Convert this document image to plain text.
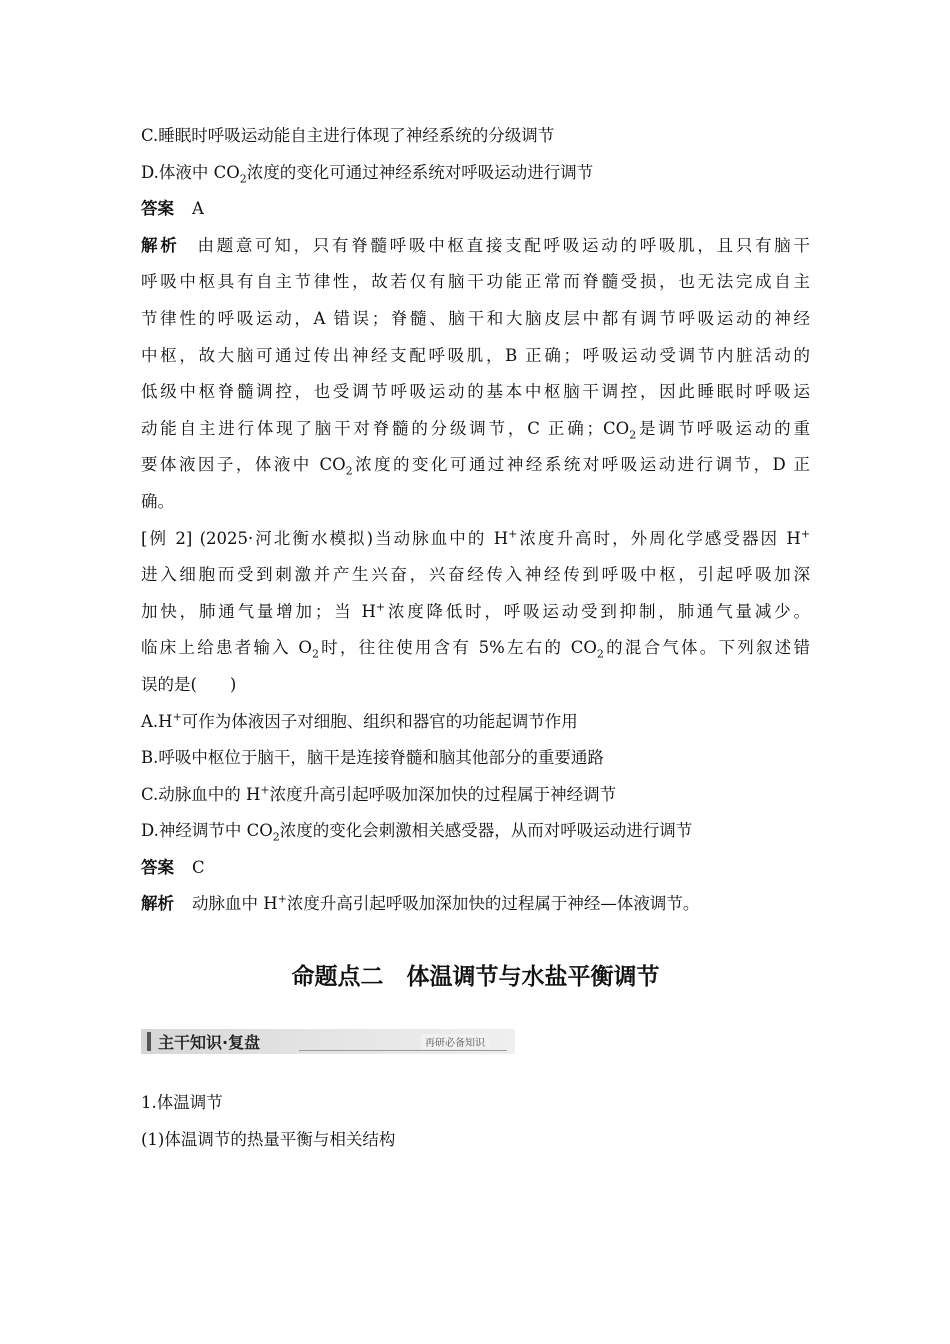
C.睡眠时呼吸运动能自主进行体现了神经系统的分级调节

D.体液中 $CO_2$浓度的变化可通过神经系统对呼吸运动进行调节

答案 A

解析 由题意可知，只有脊髓呼吸中枢直接支配呼吸运动的呼吸肌，且只有脑干

呼吸中枢具有自主节律性，故若仅有脑干功能正常而脊髓受损，也无法完成自主

节律性的呼吸运动，A 错误；脊髓、脑干和大脑皮层中都有调节呼吸运动的神经

中枢，故大脑可通过传出神经支配呼吸肌，B 正确；呼吸运动受调节内脏活动的

低级中枢脊髓调控，也受调节呼吸运动的基本中枢脑干调控，因此睡眠时呼吸运

动能自主进行体现了脑干对脊髓的分级调节，C 正确；$CO_2$是调节呼吸运动的重

要体液因子，体液中 $CO_2$浓度的变化可通过神经系统对呼吸运动进行调节，D 正

确。

[例 2] (2025·河北衡水模拟)当动脉血中的 H+浓度升高时，外周化学感受器因 H+

进入细胞而受到刺激并产生兴奋，兴奋经传入神经传到呼吸中枢，引起呼吸加深

加快，肺通气量增加；当 H+浓度降低时，呼吸运动受到抑制，肺通气量减少。

临床上给患者输入 $O_2$时，往往使用含有 5%左右的 $CO_2$的混合气体。下列叙述错

误的是(　　)

A.H+可作为体液因子对细胞、组织和器官的功能起调节作用

B.呼吸中枢位于脑干，脑干是连接脊髓和脑其他部分的重要通路

C.动脉血中的 H+浓度升高引起呼吸加深加快的过程属于神经调节

D.神经调节中 $CO_2$浓度的变化会刺激相关感受器，从而对呼吸运动进行调节

答案 C

解析 动脉血中 H+浓度升高引起呼吸加深加快的过程属于神经—体液调节。

命题点二　体温调节与水盐平衡调节
主干知识·复盘	再研必备知识

1.体温调节

(1)体温调节的热量平衡与相关结构
